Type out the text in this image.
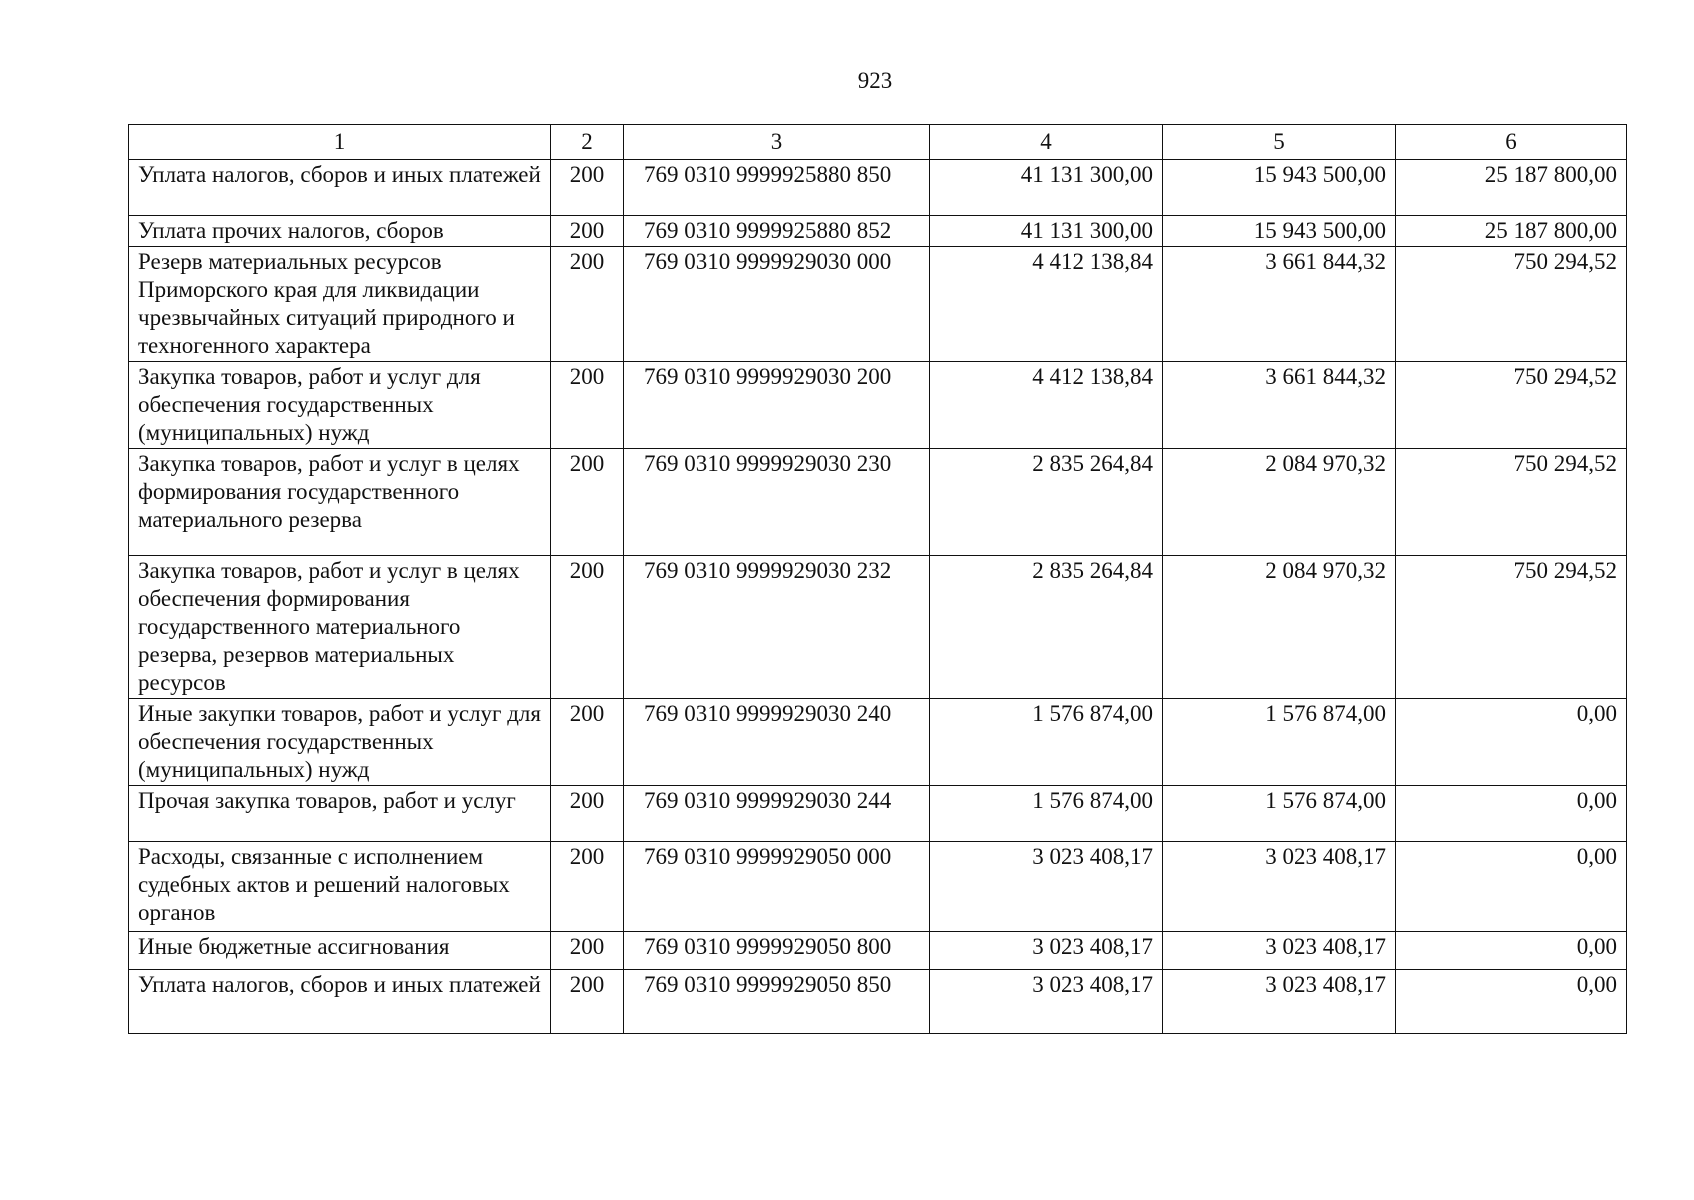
923
1	2	3	4	5	6
Уплата налогов, сборов и иных платежей	200	769 0310 9999925880 850	41 131 300,00	15 943 500,00	25 187 800,00
Уплата прочих налогов, сборов	200	769 0310 9999925880 852	41 131 300,00	15 943 500,00	25 187 800,00
Резерв материальных ресурсов Приморского края для ликвидации чрезвычайных ситуаций природного и техногенного характера	200	769 0310 9999929030 000	4 412 138,84	3 661 844,32	750 294,52
Закупка товаров, работ и услуг для обеспечения государственных (муниципальных) нужд	200	769 0310 9999929030 200	4 412 138,84	3 661 844,32	750 294,52
Закупка товаров, работ и услуг в целях формирования государственного материального резерва	200	769 0310 9999929030 230	2 835 264,84	2 084 970,32	750 294,52
Закупка товаров, работ и услуг в целях обеспечения формирования государственного материального резерва, резервов материальных ресурсов	200	769 0310 9999929030 232	2 835 264,84	2 084 970,32	750 294,52
Иные закупки товаров, работ и услуг для обеспечения государственных (муниципальных) нужд	200	769 0310 9999929030 240	1 576 874,00	1 576 874,00	0,00
Прочая закупка товаров, работ и услуг	200	769 0310 9999929030 244	1 576 874,00	1 576 874,00	0,00
Расходы, связанные с исполнением судебных актов и решений налоговых органов	200	769 0310 9999929050 000	3 023 408,17	3 023 408,17	0,00
Иные бюджетные ассигнования	200	769 0310 9999929050 800	3 023 408,17	3 023 408,17	0,00
Уплата налогов, сборов и иных платежей	200	769 0310 9999929050 850	3 023 408,17	3 023 408,17	0,00
